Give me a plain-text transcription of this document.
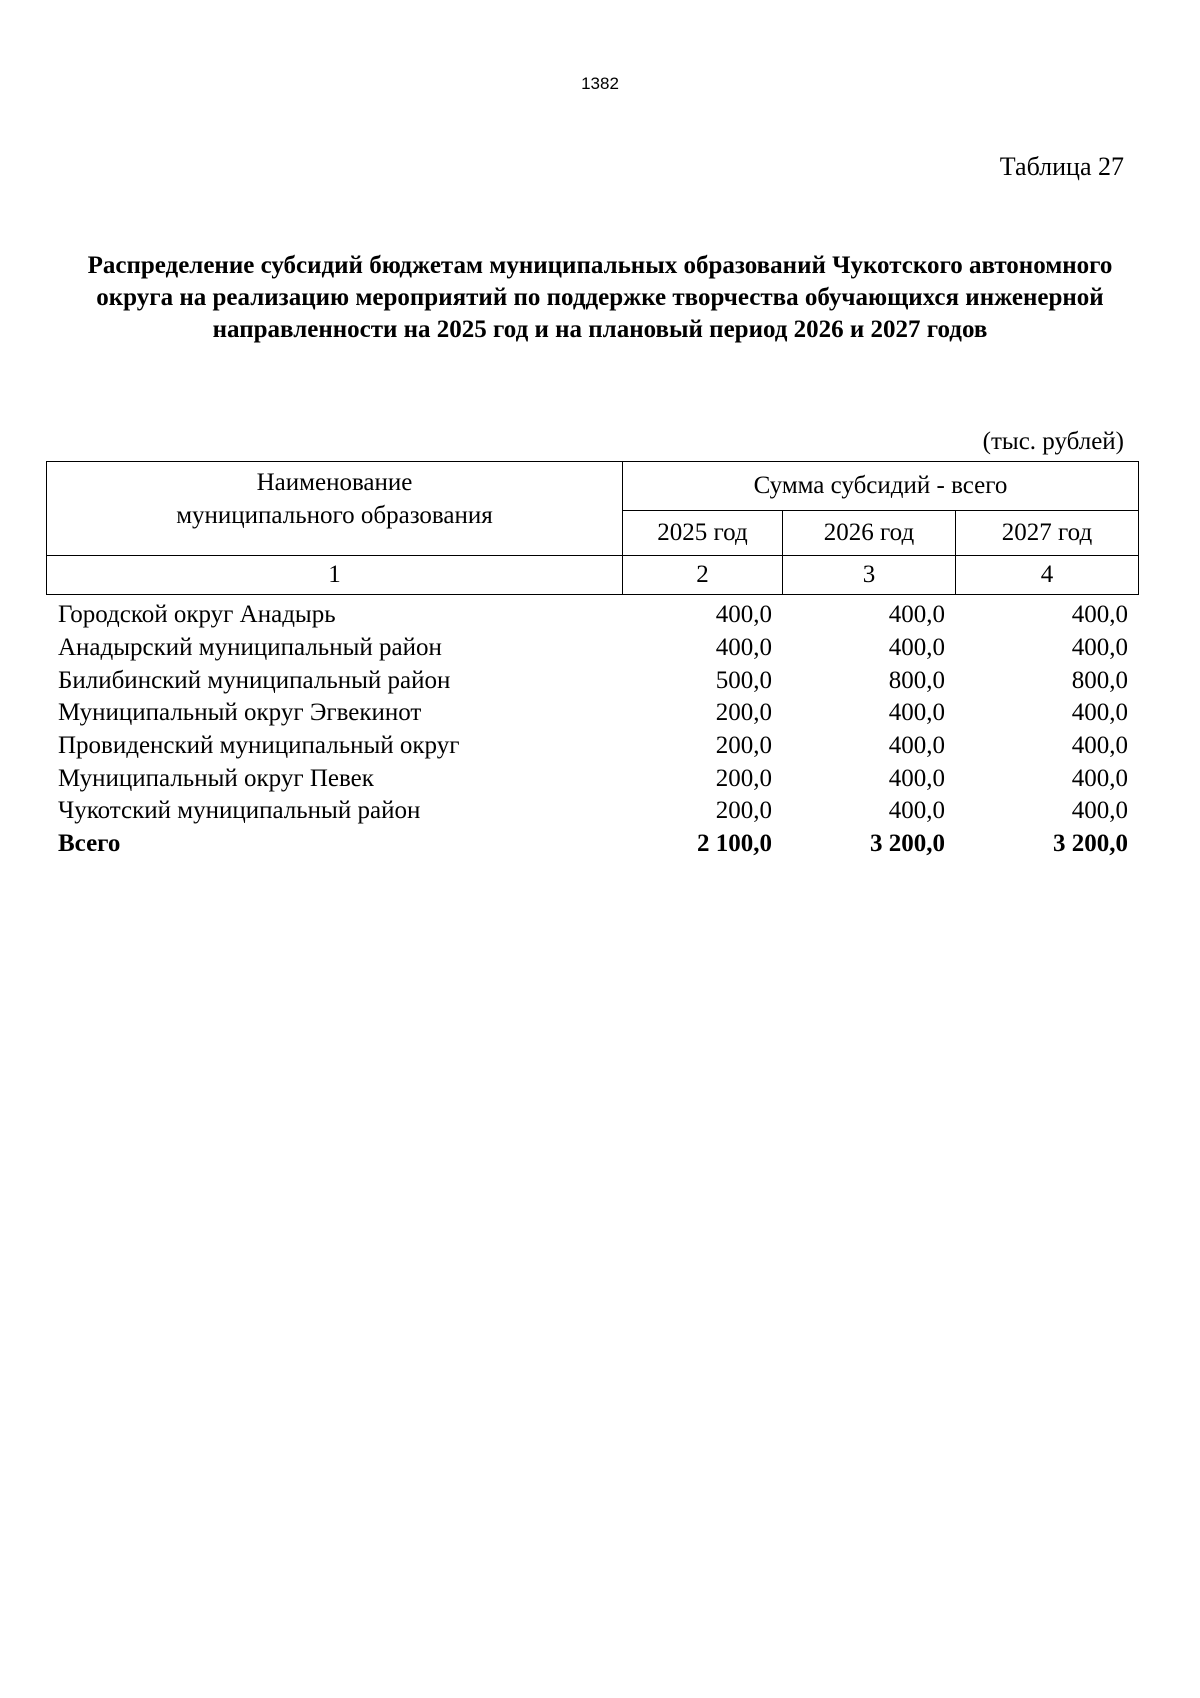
1382
Таблица 27
Распределение субсидий бюджетам муниципальных образований Чукотского автономного округа на реализацию мероприятий по поддержке творчества обучающихся инженерной направленности на 2025 год и на плановый период 2026 и 2027 годов
(тыс. рублей)
Наименование
муниципального образования	Сумма субсидий - всего		
	2025 год	2026 год	2027 год
1	2	3	4
Городской округ Анадырь	400,0	400,0	400,0
Анадырский муниципальный район	400,0	400,0	400,0
Билибинский муниципальный район	500,0	800,0	800,0
Муниципальный округ Эгвекинот	200,0	400,0	400,0
Провиденский муниципальный округ	200,0	400,0	400,0
Муниципальный округ Певек	200,0	400,0	400,0
Чукотский муниципальный район	200,0	400,0	400,0
Всего	2 100,0	3 200,0	3 200,0
